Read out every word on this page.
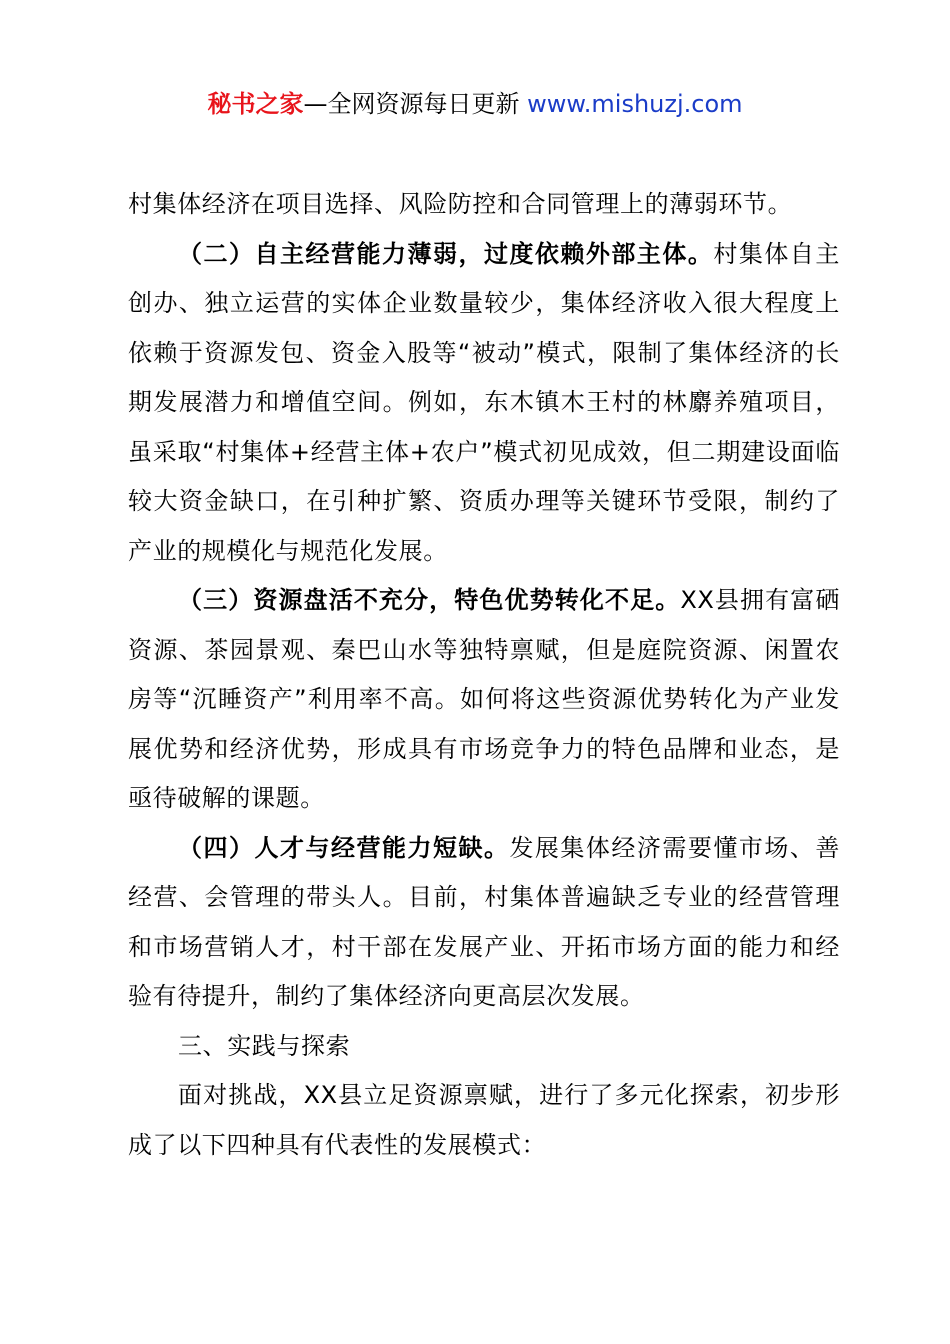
秘书之家—全网资源每日更新 www.mishuzj.com

村集体经济在项目选择、风险防控和合同管理上的薄弱环节。

（二）自主经营能力薄弱，过度依赖外部主体。村集体自主创办、独立运营的实体企业数量较少，集体经济收入很大程度上依赖于资源发包、资金入股等“被动”模式，限制了集体经济的长期发展潜力和增值空间。例如，东木镇木王村的林麝养殖项目，虽采取“村集体+经营主体+农户”模式初见成效，但二期建设面临较大资金缺口，在引种扩繁、资质办理等关键环节受限，制约了产业的规模化与规范化发展。

（三）资源盘活不充分，特色优势转化不足。XX县拥有富硒资源、茶园景观、秦巴山水等独特禀赋，但是庭院资源、闲置农房等“沉睡资产”利用率不高。如何将这些资源优势转化为产业发展优势和经济优势，形成具有市场竞争力的特色品牌和业态，是亟待破解的课题。

（四）人才与经营能力短缺。发展集体经济需要懂市场、善经营、会管理的带头人。目前，村集体普遍缺乏专业的经营管理和市场营销人才，村干部在发展产业、开拓市场方面的能力和经验有待提升，制约了集体经济向更高层次发展。

三、实践与探索

面对挑战，XX县立足资源禀赋，进行了多元化探索，初步形成了以下四种具有代表性的发展模式：
